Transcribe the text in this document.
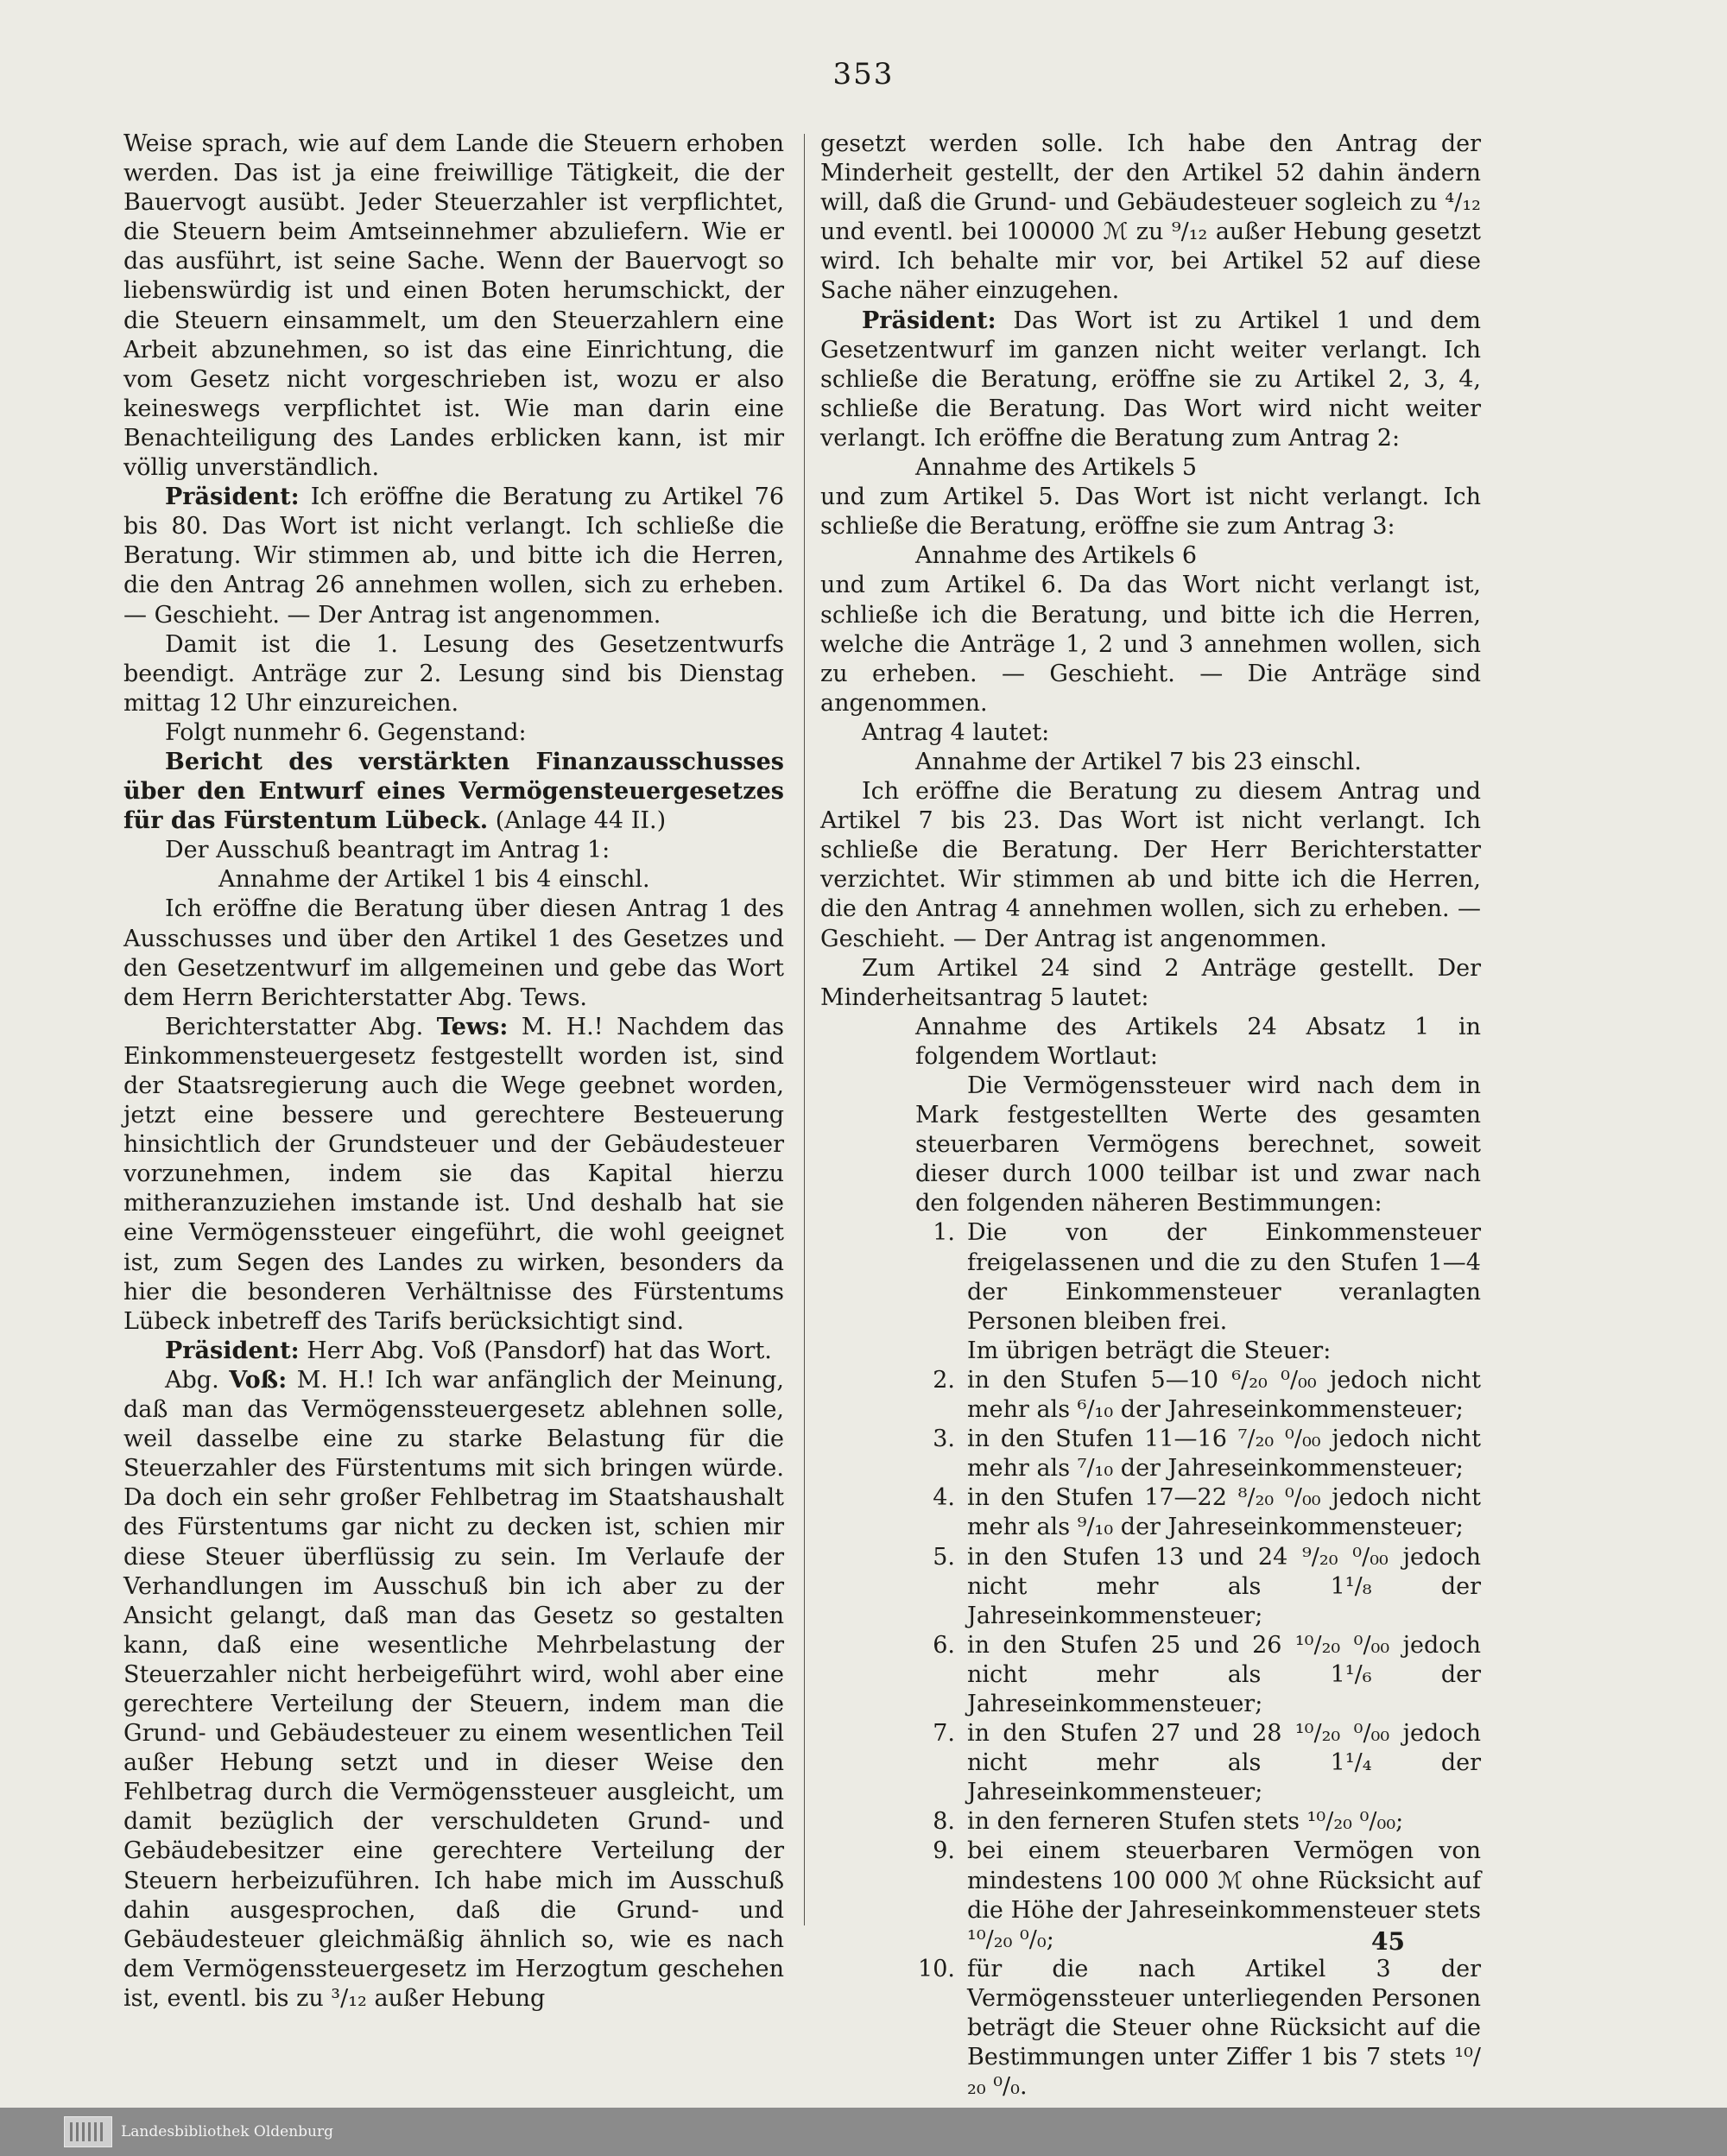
353

Weise sprach, wie auf dem Lande die Steuern erhoben werden. Das ist ja eine freiwillige Tätigkeit, die der Bauervogt ausübt. Jeder Steuerzahler ist verpflichtet, die Steuern beim Amtseinnehmer abzuliefern. Wie er das ausführt, ist seine Sache. Wenn der Bauervogt so liebenswürdig ist und einen Boten herumschickt, der die Steuern einsammelt, um den Steuerzahlern eine Arbeit abzunehmen, so ist das eine Einrichtung, die vom Gesetz nicht vorgeschrieben ist, wozu er also keineswegs verpflichtet ist. Wie man darin eine Benachteiligung des Landes erblicken kann, ist mir völlig unverständlich.

Präsident: Ich eröffne die Beratung zu Artikel 76 bis 80. Das Wort ist nicht verlangt. Ich schließe die Beratung. Wir stimmen ab, und bitte ich die Herren, die den Antrag 26 annehmen wollen, sich zu erheben. — Geschieht. — Der Antrag ist angenommen.

Damit ist die 1. Lesung des Gesetzentwurfs beendigt. Anträge zur 2. Lesung sind bis Dienstag mittag 12 Uhr einzureichen.

Folgt nunmehr 6. Gegenstand:

Bericht des verstärkten Finanzausschusses über den Entwurf eines Vermögensteuergesetzes für das Fürstentum Lübeck. (Anlage 44 II.)

Der Ausschuß beantragt im Antrag 1:

Annahme der Artikel 1 bis 4 einschl.

Ich eröffne die Beratung über diesen Antrag 1 des Ausschusses und über den Artikel 1 des Gesetzes und den Gesetzentwurf im allgemeinen und gebe das Wort dem Herrn Berichterstatter Abg. Tews.

Berichterstatter Abg. Tews: M. H.! Nachdem das Einkommensteuergesetz festgestellt worden ist, sind der Staatsregierung auch die Wege geebnet worden, jetzt eine bessere und gerechtere Besteuerung hinsichtlich der Grundsteuer und der Gebäudesteuer vorzunehmen, indem sie das Kapital hierzu mitheranzuziehen imstande ist. Und deshalb hat sie eine Vermögenssteuer eingeführt, die wohl geeignet ist, zum Segen des Landes zu wirken, besonders da hier die besonderen Verhältnisse des Fürstentums Lübeck inbetreff des Tarifs berücksichtigt sind.

Präsident: Herr Abg. Voß (Pansdorf) hat das Wort.

Abg. Voß: M. H.! Ich war anfänglich der Meinung, daß man das Vermögenssteuergesetz ablehnen solle, weil dasselbe eine zu starke Belastung für die Steuerzahler des Fürstentums mit sich bringen würde. Da doch ein sehr großer Fehlbetrag im Staatshaushalt des Fürstentums gar nicht zu decken ist, schien mir diese Steuer überflüssig zu sein. Im Verlaufe der Verhandlungen im Ausschuß bin ich aber zu der Ansicht gelangt, daß man das Gesetz so gestalten kann, daß eine wesentliche Mehrbelastung der Steuerzahler nicht herbeigeführt wird, wohl aber eine gerechtere Verteilung der Steuern, indem man die Grund- und Gebäudesteuer zu einem wesentlichen Teil außer Hebung setzt und in dieser Weise den Fehlbetrag durch die Vermögenssteuer ausgleicht, um damit bezüglich der verschuldeten Grund- und Gebäudebesitzer eine gerechtere Verteilung der Steuern herbeizuführen. Ich habe mich im Ausschuß dahin ausgesprochen, daß die Grund- und Gebäudesteuer gleichmäßig ähnlich so, wie es nach dem Vermögenssteuergesetz im Herzogtum geschehen ist, eventl. bis zu ³/₁₂ außer Hebung

gesetzt werden solle. Ich habe den Antrag der Minderheit gestellt, der den Artikel 52 dahin ändern will, daß die Grund- und Gebäudesteuer sogleich zu ⁴/₁₂ und eventl. bei 100000 ℳ zu ⁹/₁₂ außer Hebung gesetzt wird. Ich behalte mir vor, bei Artikel 52 auf diese Sache näher einzugehen.

Präsident: Das Wort ist zu Artikel 1 und dem Gesetzentwurf im ganzen nicht weiter verlangt. Ich schließe die Beratung, eröffne sie zu Artikel 2, 3, 4, schließe die Beratung. Das Wort wird nicht weiter verlangt. Ich eröffne die Beratung zum Antrag 2:

Annahme des Artikels 5

und zum Artikel 5. Das Wort ist nicht verlangt. Ich schließe die Beratung, eröffne sie zum Antrag 3:

Annahme des Artikels 6

und zum Artikel 6. Da das Wort nicht verlangt ist, schließe ich die Beratung, und bitte ich die Herren, welche die Anträge 1, 2 und 3 annehmen wollen, sich zu erheben. — Geschieht. — Die Anträge sind angenommen.

Antrag 4 lautet:

Annahme der Artikel 7 bis 23 einschl.

Ich eröffne die Beratung zu diesem Antrag und Artikel 7 bis 23. Das Wort ist nicht verlangt. Ich schließe die Beratung. Der Herr Berichterstatter verzichtet. Wir stimmen ab und bitte ich die Herren, die den Antrag 4 annehmen wollen, sich zu erheben. — Geschieht. — Der Antrag ist angenommen.

Zum Artikel 24 sind 2 Anträge gestellt. Der Minderheitsantrag 5 lautet:

Annahme des Artikels 24 Absatz 1 in folgendem Wortlaut:

Die Vermögenssteuer wird nach dem in Mark festgestellten Werte des gesamten steuerbaren Vermögens berechnet, soweit dieser durch 1000 teilbar ist und zwar nach den folgenden näheren Bestimmungen:

1. Die von der Einkommensteuer freigelassenen und die zu den Stufen 1—4 der Einkommensteuer veranlagten Personen bleiben frei.

Im übrigen beträgt die Steuer:

2. in den Stufen 5—10 ⁶/₂₀ ⁰/₀₀ jedoch nicht mehr als ⁶/₁₀ der Jahreseinkommensteuer;
3. in den Stufen 11—16 ⁷/₂₀ ⁰/₀₀ jedoch nicht mehr als ⁷/₁₀ der Jahreseinkommensteuer;
4. in den Stufen 17—22 ⁸/₂₀ ⁰/₀₀ jedoch nicht mehr als ⁹/₁₀ der Jahreseinkommensteuer;
5. in den Stufen 13 und 24 ⁹/₂₀ ⁰/₀₀ jedoch nicht mehr als 1¹/₈ der Jahreseinkommensteuer;
6. in den Stufen 25 und 26 ¹⁰/₂₀ ⁰/₀₀ jedoch nicht mehr als 1¹/₆ der Jahreseinkommensteuer;
7. in den Stufen 27 und 28 ¹⁰/₂₀ ⁰/₀₀ jedoch nicht mehr als 1¹/₄ der Jahreseinkommensteuer;
8. in den ferneren Stufen stets ¹⁰/₂₀ ⁰/₀₀;
9. bei einem steuerbaren Vermögen von mindestens 100 000 ℳ ohne Rücksicht auf die Höhe der Jahreseinkommensteuer stets ¹⁰/₂₀ ⁰/₀;
10. für die nach Artikel 3 der Vermögenssteuer unterliegenden Personen beträgt die Steuer ohne Rücksicht auf die Bestimmungen unter Ziffer 1 bis 7 stets ¹⁰/₂₀ ⁰/₀.
45
Landesbibliothek Oldenburg
